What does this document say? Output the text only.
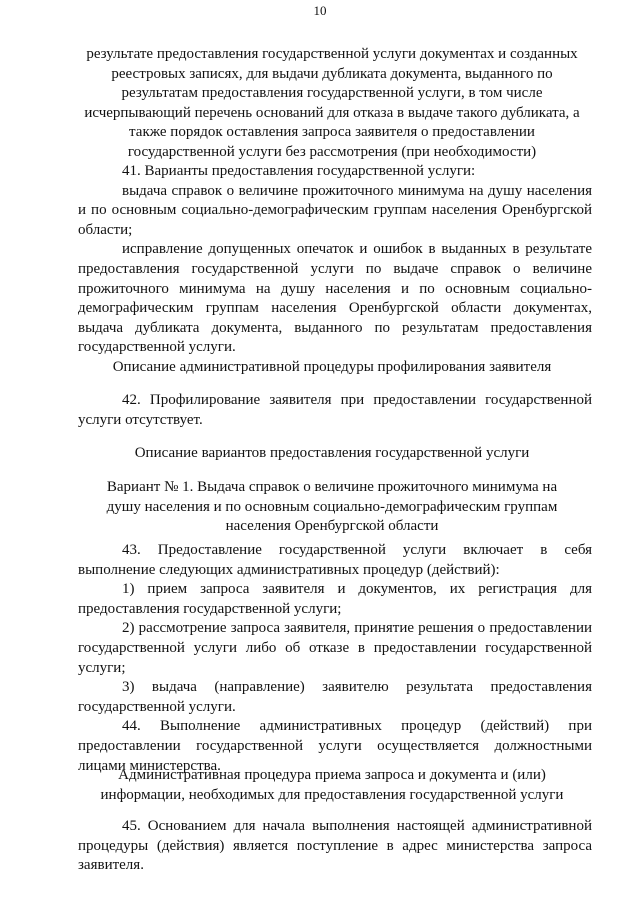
10
результате предоставления государственной услуги документах и созданных
реестровых записях, для выдачи дубликата документа, выданного по
результатам предоставления государственной услуги, в том числе
исчерпывающий перечень оснований для отказа в выдаче такого дубликата, а
также порядок оставления запроса заявителя о предоставлении
государственной услуги без рассмотрения (при необходимости)

41. Варианты предоставления государственной услуги:

выдача справок о величине прожиточного минимума на душу населения и по основным социально-демографическим группам населения Оренбургской области;

исправление допущенных опечаток и ошибок в выданных в результате предоставления государственной услуги по выдаче справок о величине прожиточного минимума на душу населения и по основным социально-демографическим группам населения Оренбургской области документах, выдача дубликата документа, выданного по результатам предоставления государственной услуги.

Описание административной процедуры профилирования заявителя

42. Профилирование заявителя при предоставлении государственной услуги отсутствует.

Описание вариантов предоставления государственной услуги
Вариант № 1. Выдача справок о величине прожиточного минимума на
душу населения и по основным социально-демографическим группам
населения Оренбургской области

43. Предоставление государственной услуги включает в себя выполнение следующих административных процедур (действий):

1) прием запроса заявителя и документов, их регистрация для предоставления государственной услуги;

2) рассмотрение запроса заявителя, принятие решения о предоставлении государственной услуги либо об отказе в предоставлении государственной услуги;

3) выдача (направление) заявителю результата предоставления государственной услуги.

44. Выполнение административных процедур (действий) при предоставлении государственной услуги осуществляется должностными лицами министерства.

Административная процедура приема запроса и документа и (или)
информации, необходимых для предоставления государственной услуги

45. Основанием для начала выполнения настоящей административной процедуры (действия) является поступление в адрес министерства запроса заявителя.
